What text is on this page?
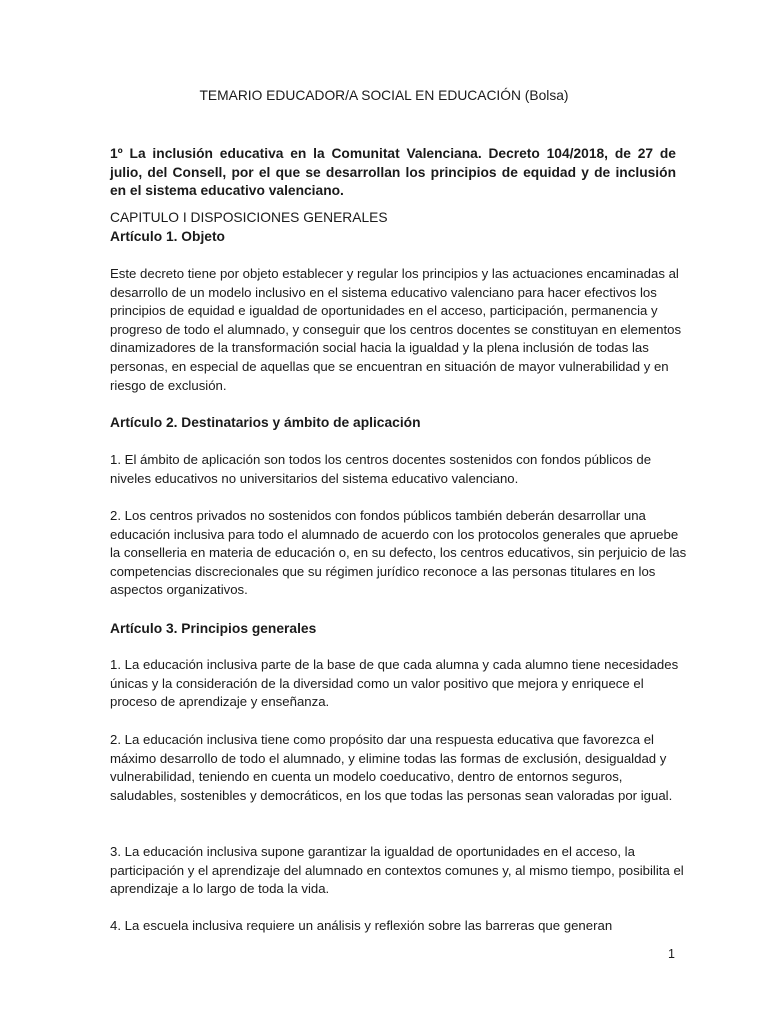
TEMARIO EDUCADOR/A SOCIAL EN EDUCACIÓN (Bolsa)

1º La inclusión educativa en la Comunitat Valenciana. Decreto 104/2018, de 27 de julio, del Consell, por el que se desarrollan los principios de equidad y de inclusión en el sistema educativo valenciano.

CAPITULO I DISPOSICIONES GENERALES

Artículo 1. Objeto

Este decreto tiene por objeto establecer y regular los principios y las actuaciones encaminadas al desarrollo de un modelo inclusivo en el sistema educativo valenciano para hacer efectivos los principios de equidad e igualdad de oportunidades en el acceso, participación, permanencia y progreso de todo el alumnado, y conseguir que los centros docentes se constituyan en elementos dinamizadores de la transformación social hacia la igualdad y la plena inclusión de todas las personas, en especial de aquellas que se encuentran en situación de mayor vulnerabilidad y en riesgo de exclusión.

Artículo 2. Destinatarios y ámbito de aplicación

1. El ámbito de aplicación son todos los centros docentes sostenidos con fondos públicos de niveles educativos no universitarios del sistema educativo valenciano.

2. Los centros privados no sostenidos con fondos públicos también deberán desarrollar una educación inclusiva para todo el alumnado de acuerdo con los protocolos generales que apruebe la conselleria en materia de educación o, en su defecto, los centros educativos, sin perjuicio de las competencias discrecionales que su régimen jurídico reconoce a las personas titulares en los aspectos organizativos.

Artículo 3. Principios generales

1. La educación inclusiva parte de la base de que cada alumna y cada alumno tiene necesidades únicas y la consideración de la diversidad como un valor positivo que mejora y enriquece el proceso de aprendizaje y enseñanza.

2. La educación inclusiva tiene como propósito dar una respuesta educativa que favorezca el máximo desarrollo de todo el alumnado, y elimine todas las formas de exclusión, desigualdad y vulnerabilidad, teniendo en cuenta un modelo coeducativo, dentro de entornos seguros, saludables, sostenibles y democráticos, en los que todas las personas sean valoradas por igual.

3. La educación inclusiva supone garantizar la igualdad de oportunidades en el acceso, la participación y el aprendizaje del alumnado en contextos comunes y, al mismo tiempo, posibilita el aprendizaje a lo largo de toda la vida.

4. La escuela inclusiva requiere un análisis y reflexión sobre las barreras que generan

1
